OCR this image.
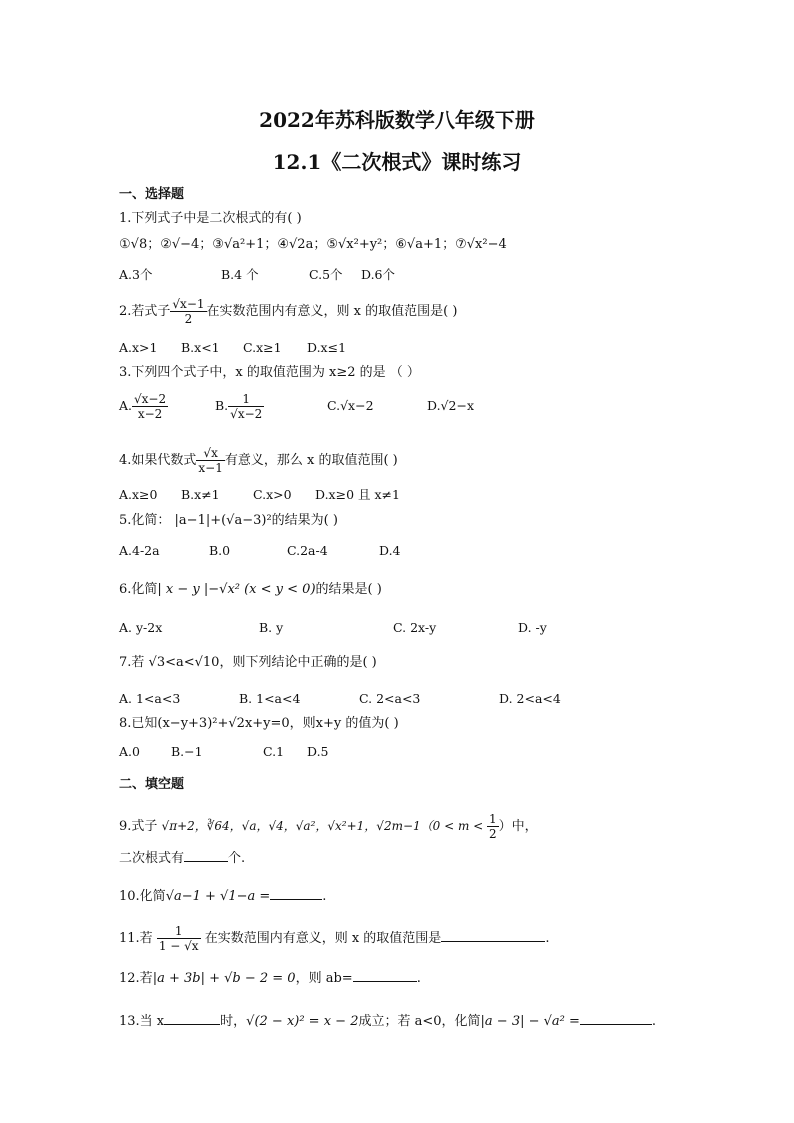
2022年苏科版数学八年级下册
12.1《二次根式》课时练习
一、选择题
1.下列式子中是二次根式的有( )
①√8；②√−4；③√a²+1；④√2a；⑤√x²+y²；⑥√a+1；⑦√x²−4
A.3个	B.4 个	C.5个 D.6个
2.若式子 $\frac{√x-1}{2}$ 在实数范围内有意义，则 x 的取值范围是( )
A.x>1 B.x<1 C.x≥1 D.x≤1
3.下列四个式子中，x 的取值范围为 x≥2 的是 （ ）
A. $\frac{√x-2}{x-2}$	B. $\frac{1}{√x-2}$	C.√x−2	D.√2−x
4.如果代数式 $\frac{√x}{x-1}$ 有意义，那么 x 的取值范围( )
A.x≥0 B.x≠1	C.x>0 D.x≥0 且 x≠1
5.化简： |a−1|+(√a−3)²的结果为( )
A.4-2a	B.0	C.2a-4	D.4
6.化简| x − y |−√x² (x < y < 0)的结果是( )
A. y-2x	B. y	C. 2x-y	D. -y
7.若 √3<a<√10，则下列结论中正确的是( )
A. 1<a<3	B. 1<a<4	C. 2<a<3	D. 2<a<4
8.已知(x−y+3)²+√2x+y=0，则x+y 的值为( )
A.0 B.−1	C.1 D.5
二、填空题
9.式子 √π+2，∛64，√a，√4，√a²，√x²+1，$√2m-1(0 < m < \frac{1}{2}$ ）中，
二次根式有	个.
10.化简√a−1 + √1−a =	.
11.若 $\frac{1}{1 - √x}$ 在实数范围内有意义，则 x 的取值范围是	.
12.若|a + 3b| + √b − 2 = 0，则 ab=	.
13.当 x	时，√(2 − x)² = x − 2成立；若 a<0，化简|a − 3| − √a² =	.
